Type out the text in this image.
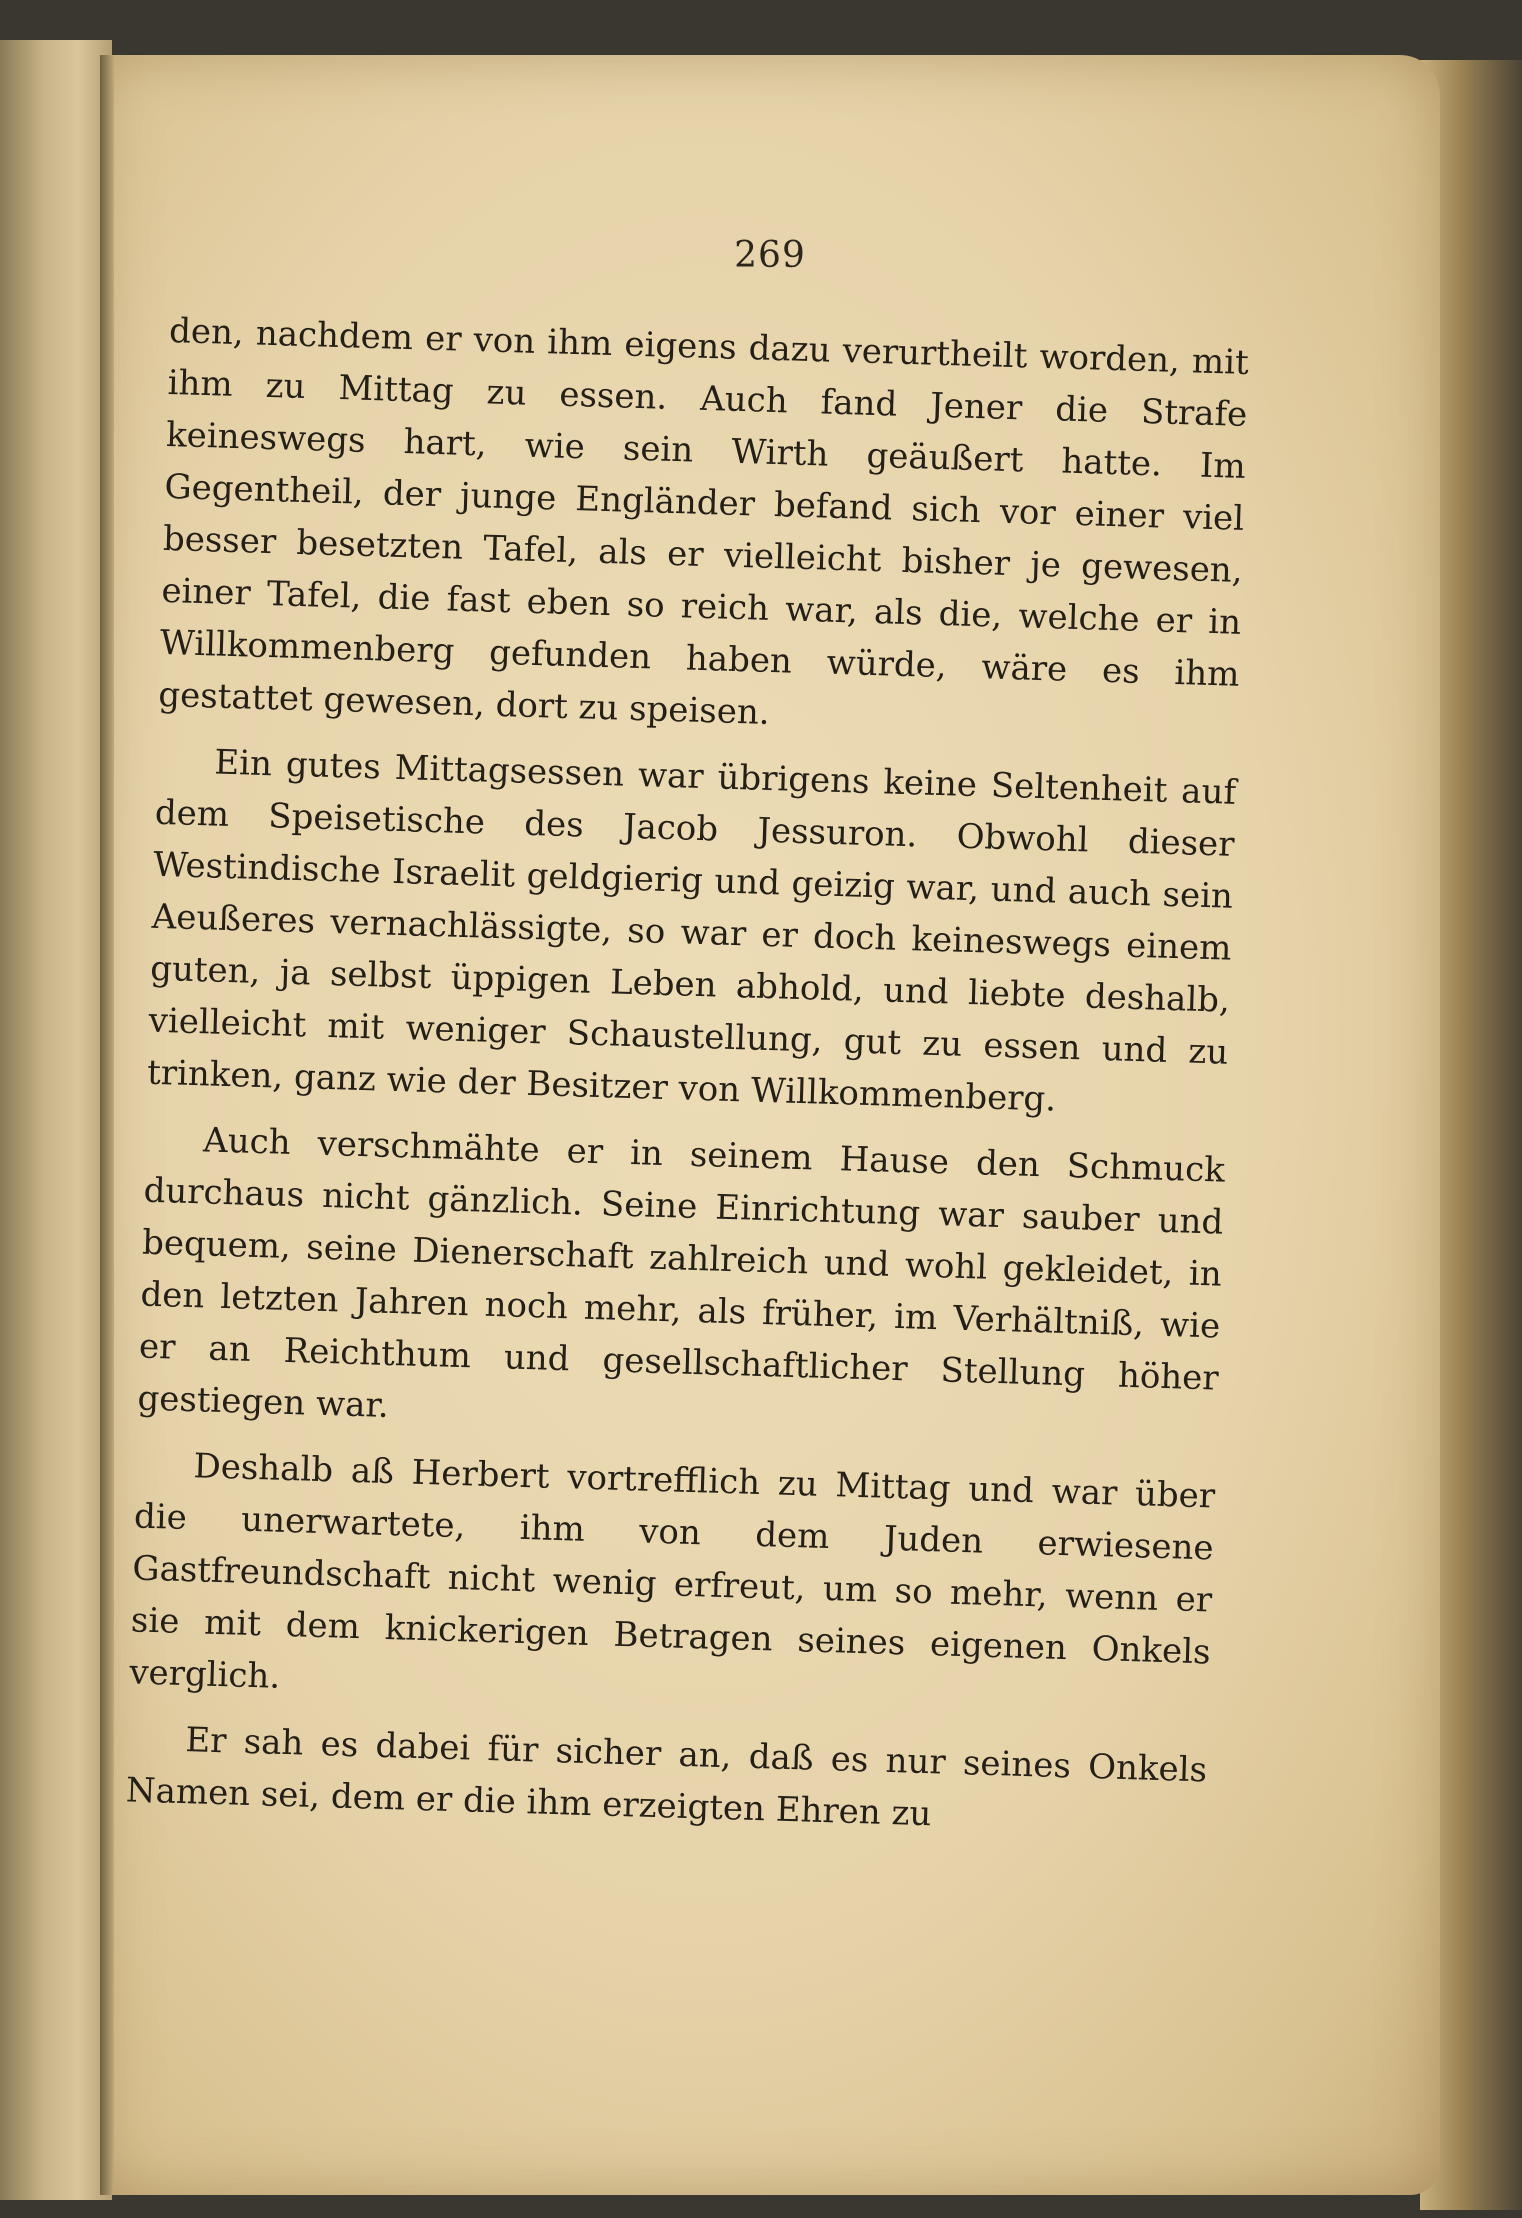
269

den, nachdem er von ihm eigens dazu verurtheilt worden, mit ihm zu Mittag zu essen. Auch fand Jener die Strafe keineswegs hart, wie sein Wirth geäußert hatte. Im Gegentheil, der junge Engländer befand sich vor einer viel besser besetzten Tafel, als er vielleicht bisher je gewesen, einer Tafel, die fast eben so reich war, als die, welche er in Willkommenberg gefunden haben würde, wäre es ihm gestattet gewesen, dort zu speisen.

Ein gutes Mittagsessen war übrigens keine Seltenheit auf dem Speisetische des Jacob Jessuron. Obwohl dieser Westindische Israelit geldgierig und geizig war, und auch sein Aeußeres vernachlässigte, so war er doch keineswegs einem guten, ja selbst üppigen Leben abhold, und liebte deshalb, vielleicht mit weniger Schaustellung, gut zu essen und zu trinken, ganz wie der Besitzer von Willkommenberg.

Auch verschmähte er in seinem Hause den Schmuck durchaus nicht gänzlich. Seine Einrichtung war sauber und bequem, seine Dienerschaft zahlreich und wohl gekleidet, in den letzten Jahren noch mehr, als früher, im Verhältniß, wie er an Reichthum und gesellschaftlicher Stellung höher gestiegen war.

Deshalb aß Herbert vortrefflich zu Mittag und war über die unerwartete, ihm von dem Juden erwiesene Gastfreundschaft nicht wenig erfreut, um so mehr, wenn er sie mit dem knickerigen Betragen seines eigenen Onkels verglich.

Er sah es dabei für sicher an, daß es nur seines Onkels Namen sei, dem er die ihm erzeigten Ehren zu
